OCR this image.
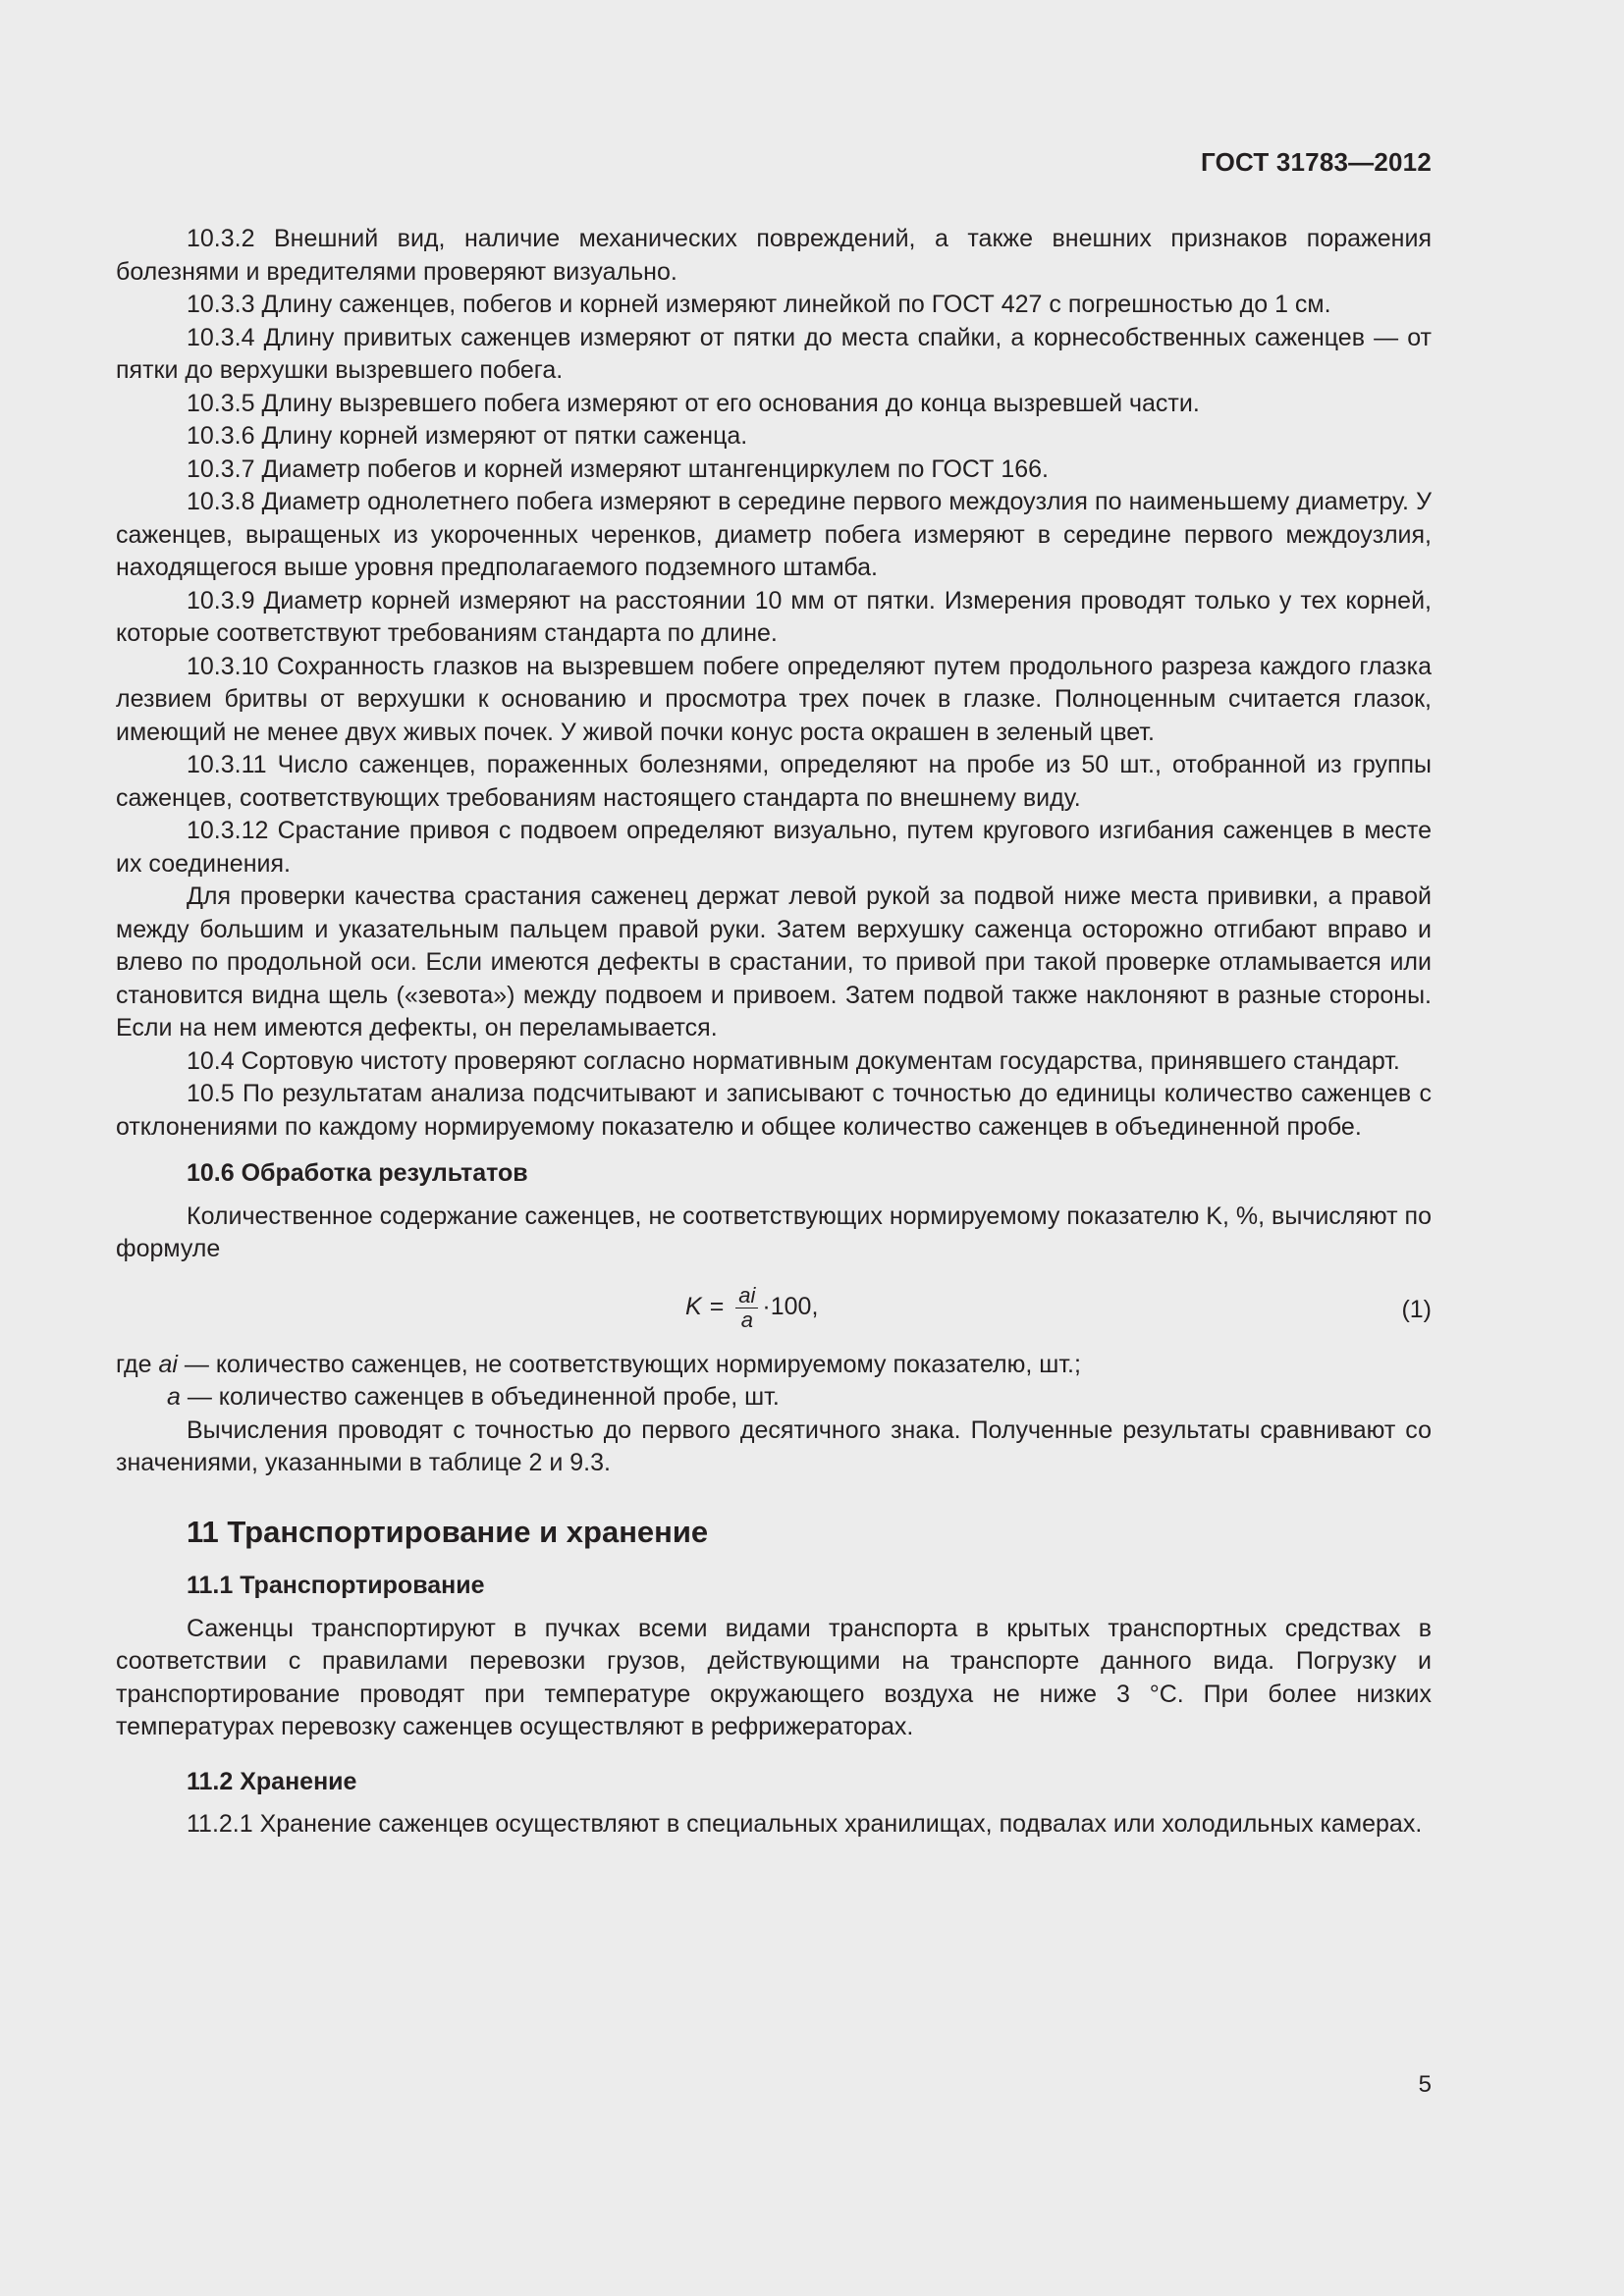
ГОСТ 31783—2012

10.3.2 Внешний вид, наличие механических повреждений, а также внешних признаков поражения болезнями и вредителями проверяют визуально.

10.3.3 Длину саженцев, побегов и корней измеряют линейкой по ГОСТ 427 с погрешностью до 1 см.

10.3.4 Длину привитых саженцев измеряют от пятки до места спайки, а корнесобственных саженцев — от пятки до верхушки вызревшего побега.

10.3.5 Длину вызревшего побега измеряют от его основания до конца вызревшей части.

10.3.6 Длину корней измеряют от пятки саженца.

10.3.7 Диаметр побегов и корней измеряют штангенциркулем по ГОСТ 166.

10.3.8 Диаметр однолетнего побега измеряют в середине первого междоузлия по наименьшему диаметру. У саженцев, выращеных из укороченных черенков, диаметр побега измеряют в середине первого междоузлия, находящегося выше уровня предполагаемого подземного штамба.

10.3.9 Диаметр корней измеряют на расстоянии 10 мм от пятки. Измерения проводят только у тех корней, которые соответствуют требованиям стандарта по длине.

10.3.10 Сохранность глазков на вызревшем побеге определяют путем продольного разреза каждого глазка лезвием бритвы от верхушки к основанию и просмотра трех почек в глазке. Полноценным считается глазок, имеющий не менее двух живых почек. У живой почки конус роста окрашен в зеленый цвет.

10.3.11 Число саженцев, пораженных болезнями, определяют на пробе из 50 шт., отобранной из группы саженцев, соответствующих требованиям настоящего стандарта по внешнему виду.

10.3.12 Срастание привоя с подвоем определяют визуально, путем кругового изгибания саженцев в месте их соединения.

Для проверки качества срастания саженец держат левой рукой за подвой ниже места прививки, а правой между большим и указательным пальцем правой руки. Затем верхушку саженца осторожно отгибают вправо и влево по продольной оси. Если имеются дефекты в срастании, то привой при такой проверке отламывается или становится видна щель («зевота») между подвоем и привоем. Затем подвой также наклоняют в разные стороны. Если на нем имеются дефекты, он переламывается.

10.4 Сортовую чистоту проверяют согласно нормативным документам государства, принявшего стандарт.

10.5 По результатам анализа подсчитывают и записывают с точностью до единицы количество саженцев с отклонениями по каждому нормируемому показателю и общее количество саженцев в объединенной пробе.

10.6 Обработка результатов

Количественное содержание саженцев, не соответствующих нормируемому показателю K, %, вычисляют по формуле

$K = \frac{ai}{a} \cdot 100$,	(1)
где ai — количество саженцев, не соответствующих нормируемому показателю, шт.;
a — количество саженцев в объединенной пробе, шт.

Вычисления проводят с точностью до первого десятичного знака. Полученные результаты сравнивают со значениями, указанными в таблице 2 и 9.3.

11 Транспортирование и хранение
11.1 Транспортирование

Саженцы транспортируют в пучках всеми видами транспорта в крытых транспортных средствах в соответствии с правилами перевозки грузов, действующими на транспорте данного вида. Погрузку и транспортирование проводят при температуре окружающего воздуха не ниже 3 °С. При более низких температурах перевозку саженцев осуществляют в рефрижераторах.

11.2 Хранение

11.2.1 Хранение саженцев осуществляют в специальных хранилищах, подвалах или холодильных камерах.

5
